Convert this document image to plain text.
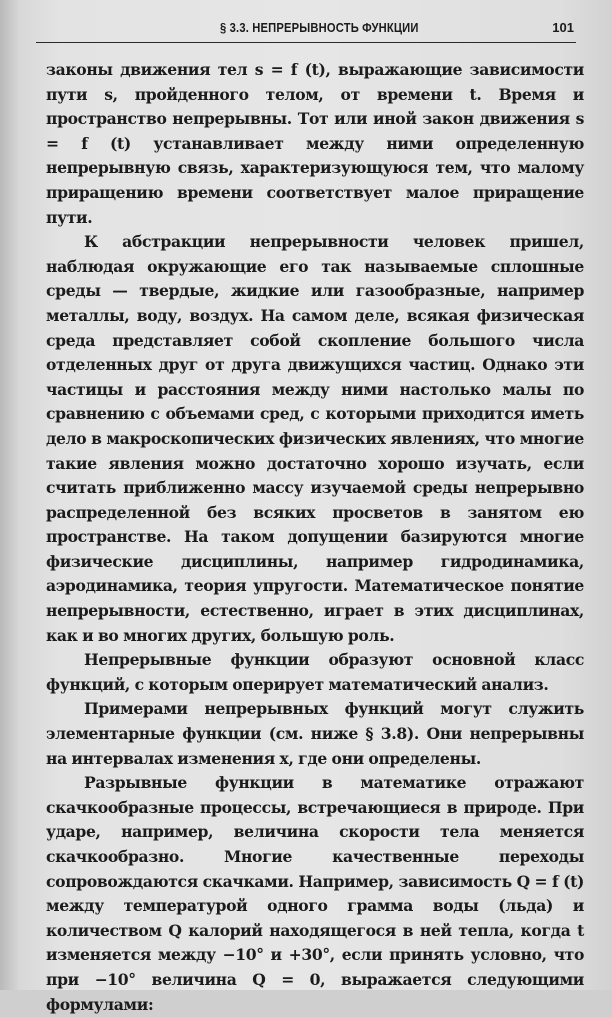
§ 3.3. НЕПРЕРЫВНОСТЬ ФУНКЦИИ	101

законы движения тел s = f (t), выражающие зависимости пути s, пройденного телом, от времени t. Время и пространство непрерывны. Тот или иной закон движения s = f (t) устанавливает между ними определенную непрерывную связь, характеризующуюся тем, что малому приращению времени соответствует малое приращение пути.

К абстракции непрерывности человек пришел, наблюдая окружающие его так называемые сплошные среды — твердые, жидкие или газообразные, например металлы, воду, воздух. На самом деле, всякая физическая среда представляет собой скопление большого числа отделенных друг от друга движущихся частиц. Однако эти частицы и расстояния между ними настолько малы по сравнению с объемами сред, с которыми приходится иметь дело в макроскопических физических явлениях, что многие такие явления можно достаточно хорошо изучать, если считать приближенно массу изучаемой среды непрерывно распределенной без всяких просветов в занятом ею пространстве. На таком допущении базируются многие физические дисциплины, например гидродинамика, аэродинамика, теория упругости. Математическое понятие непрерывности, естественно, играет в этих дисциплинах, как и во многих других, большую роль.

Непрерывные функции образуют основной класс функций, с которым оперирует математический анализ.

Примерами непрерывных функций могут служить элементарные функции (см. ниже § 3.8). Они непрерывны на интервалах изменения x, где они определены.

Разрывные функции в математике отражают скачкообразные процессы, встречающиеся в природе. При ударе, например, величина скорости тела меняется скачкообразно. Многие качественные переходы сопровождаются скачками. Например, зависимость Q = f (t) между температурой одного грамма воды (льда) и количеством Q калорий находящегося в ней тепла, когда t изменяется между −10° и +30°, если принять условно, что при −10° величина Q = 0, выражается следующими формулами:
